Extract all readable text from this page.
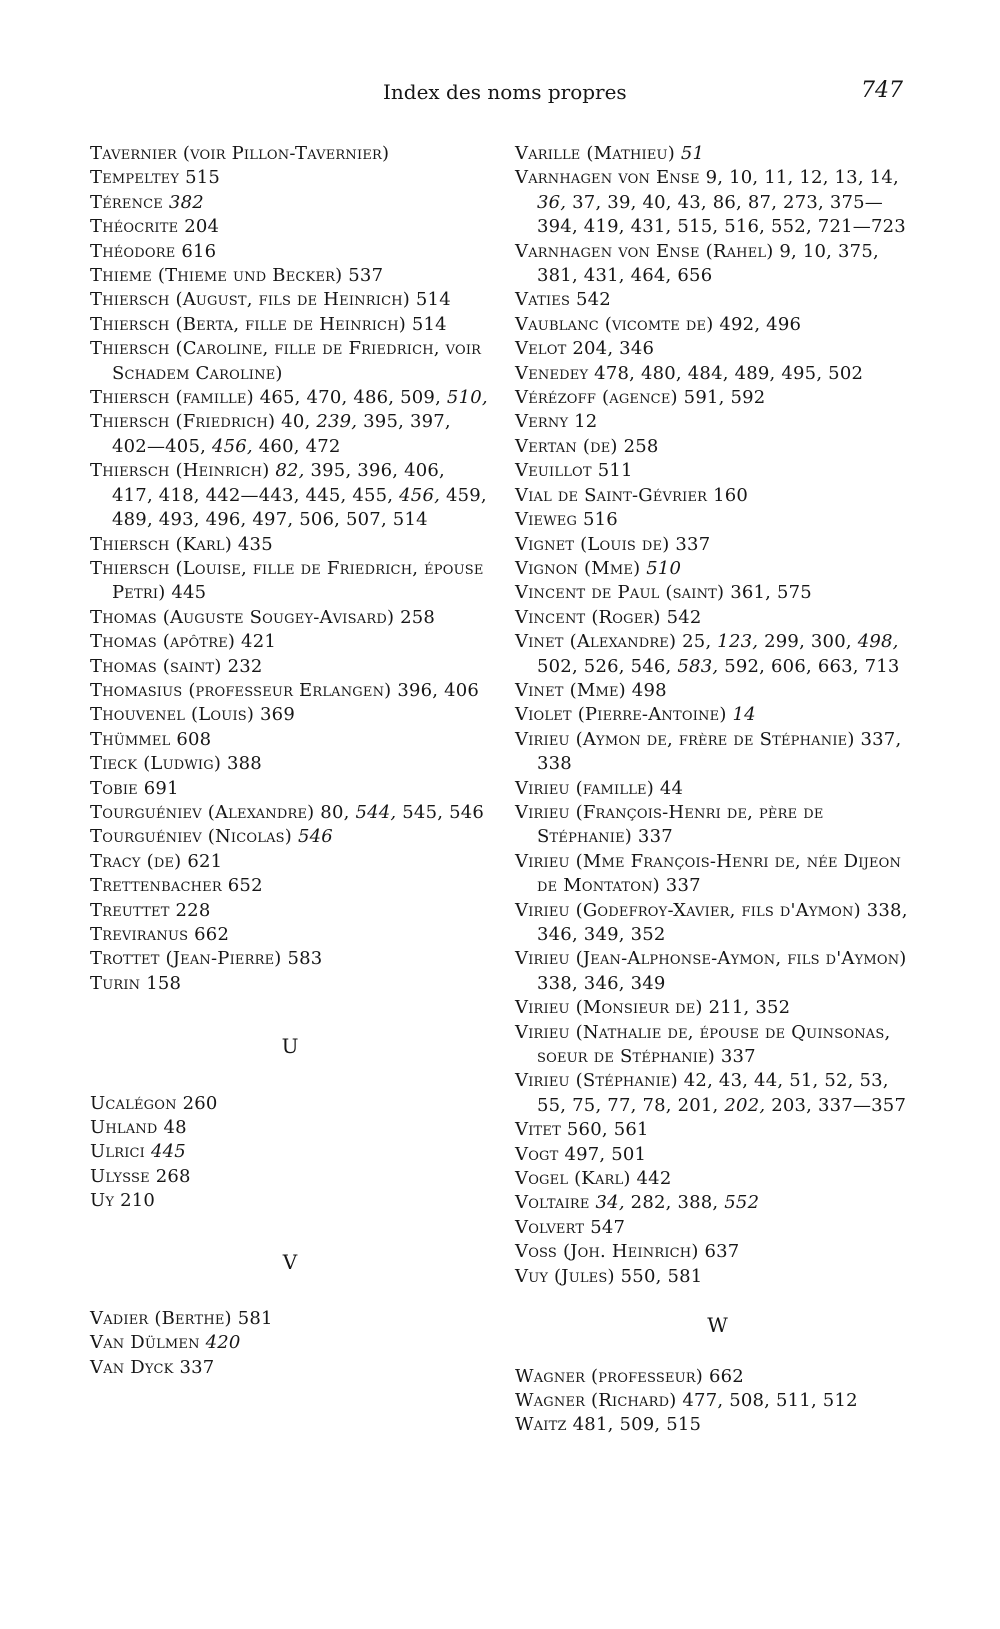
Index des noms propres	747
Tavernier (voir Pillon-Tavernier)
Tempeltey 515
Térence 382
Théocrite 204
Théodore 616
Thieme (Thieme und Becker) 537
Thiersch (August, fils de Heinrich) 514
Thiersch (Berta, fille de Heinrich) 514
Thiersch (Caroline, fille de Friedrich, voir Schadem Caroline)
Thiersch (famille) 465, 470, 486, 509, 510,
Thiersch (Friedrich) 40, 239, 395, 397, 402—405, 456, 460, 472
Thiersch (Heinrich) 82, 395, 396, 406, 417, 418, 442—443, 445, 455, 456, 459, 489, 493, 496, 497, 506, 507, 514
Thiersch (Karl) 435
Thiersch (Louise, fille de Friedrich, épouse Petri) 445
Thomas (Auguste Sougey-Avisard) 258
Thomas (apôtre) 421
Thomas (saint) 232
Thomasius (professeur Erlangen) 396, 406
Thouvenel (Louis) 369
Thümmel 608
Tieck (Ludwig) 388
Tobie 691
Tourguéniev (Alexandre) 80, 544, 545, 546
Tourguéniev (Nicolas) 546
Tracy (de) 621
Trettenbacher 652
Treuttet 228
Treviranus 662
Trottet (Jean-Pierre) 583
Turin 158
U
Ucalégon 260
Uhland 48
Ulrici 445
Ulysse 268
Uy 210
V
Vadier (Berthe) 581
Van Dülmen 420
Van Dyck 337
Varille (Mathieu) 51
Varnhagen von Ense 9, 10, 11, 12, 13, 14, 36, 37, 39, 40, 43, 86, 87, 273, 375—394, 419, 431, 515, 516, 552, 721—723
Varnhagen von Ense (Rahel) 9, 10, 375, 381, 431, 464, 656
Vaties 542
Vaublanc (vicomte de) 492, 496
Velot 204, 346
Venedey 478, 480, 484, 489, 495, 502
Vérézoff (agence) 591, 592
Verny 12
Vertan (de) 258
Veuillot 511
Vial de Saint-Gévrier 160
Vieweg 516
Vignet (Louis de) 337
Vignon (Mme) 510
Vincent de Paul (saint) 361, 575
Vincent (Roger) 542
Vinet (Alexandre) 25, 123, 299, 300, 498, 502, 526, 546, 583, 592, 606, 663, 713
Vinet (Mme) 498
Violet (Pierre-Antoine) 14
Virieu (Aymon de, frère de Stéphanie) 337, 338
Virieu (famille) 44
Virieu (François-Henri de, père de Stéphanie) 337
Virieu (Mme François-Henri de, née Dijeon de Montaton) 337
Virieu (Godefroy-Xavier, fils d'Aymon) 338, 346, 349, 352
Virieu (Jean-Alphonse-Aymon, fils d'Aymon) 338, 346, 349
Virieu (Monsieur de) 211, 352
Virieu (Nathalie de, épouse de Quinsonas, soeur de Stéphanie) 337
Virieu (Stéphanie) 42, 43, 44, 51, 52, 53, 55, 75, 77, 78, 201, 202, 203, 337—357
Vitet 560, 561
Vogt 497, 501
Vogel (Karl) 442
Voltaire 34, 282, 388, 552
Volvert 547
Voss (Joh. Heinrich) 637
Vuy (Jules) 550, 581
W
Wagner (professeur) 662
Wagner (Richard) 477, 508, 511, 512
Waitz 481, 509, 515
